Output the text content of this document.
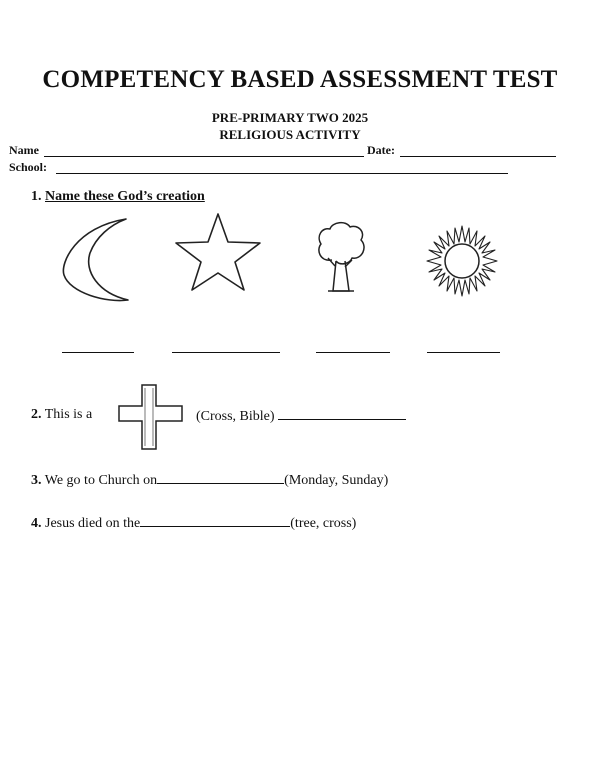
COMPETENCY BASED ASSESSMENT TEST
PRE-PRIMARY TWO 2025
RELIGIOUS ACTIVITY
Name	Date:
School:
1. Name these God’s creation
2. This is a	(Cross, Bible)
3. We go to Church on	(Monday, Sunday)
4. Jesus died on the	(tree, cross)
